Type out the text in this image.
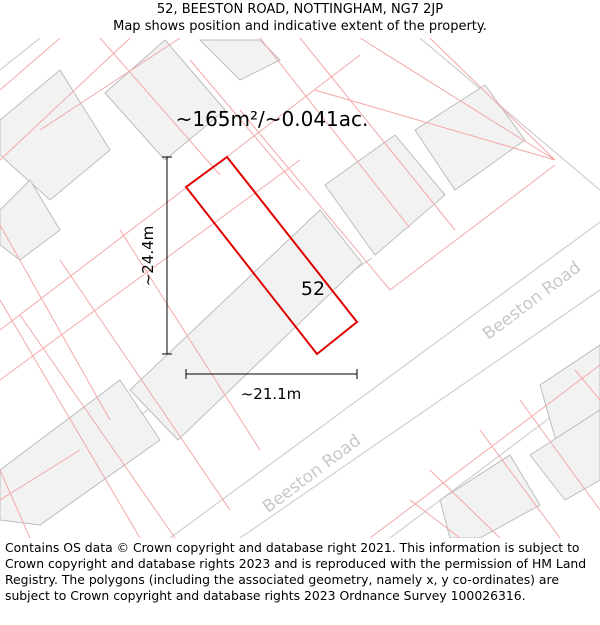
52, BEESTON ROAD, NOTTINGHAM, NG7 2JP
Map shows position and indicative extent of the property.
Beeston Road
Beeston Road
52
~165m²/~0.041ac.
~24.4m
~21.1m
Contains OS data © Crown copyright and database right 2021. This information is subject to Crown copyright and database rights 2023 and is reproduced with the permission of HM Land Registry. The polygons (including the associated geometry, namely x, y co-ordinates) are subject to Crown copyright and database rights 2023 Ordnance Survey 100026316.
